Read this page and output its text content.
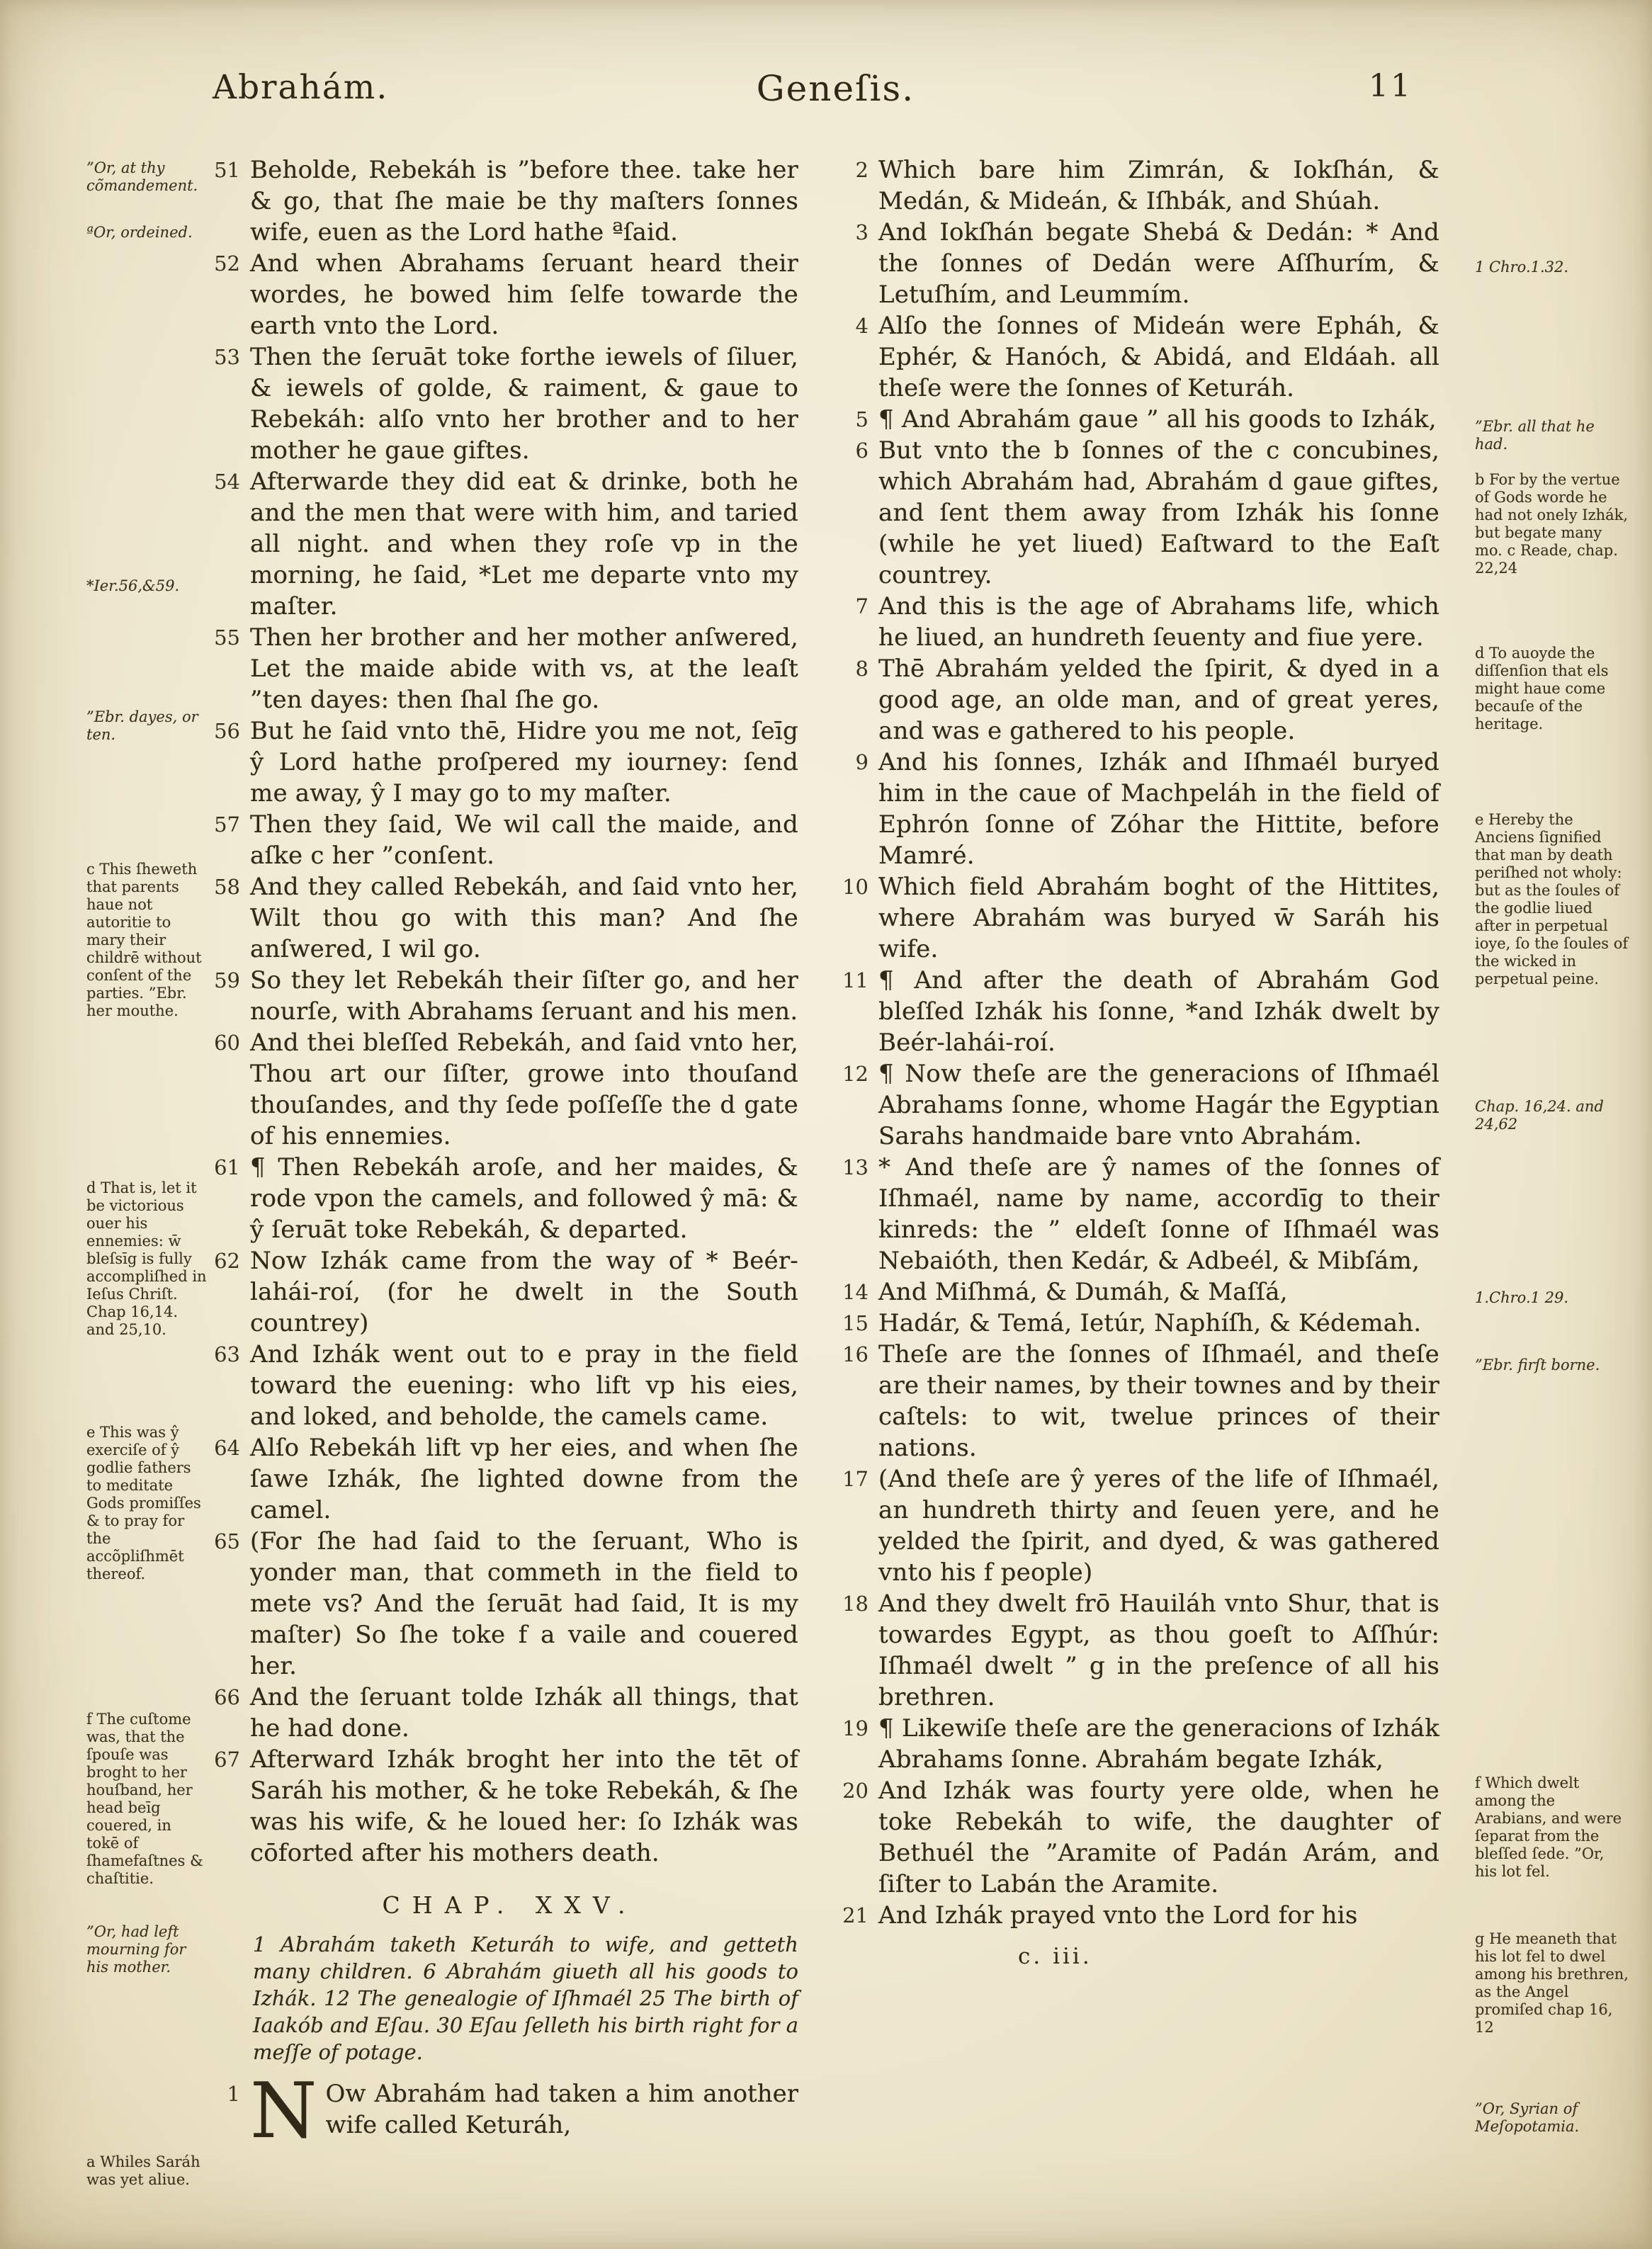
Abrahám.	Geneſis.	11
”Or, at thy cõmandement.
ªOr, ordeined.
*Ier.56,&59.
”Ebr. dayes, or ten.
c This ſheweth that parents haue not autoritie to mary their childrē without conſent of the parties. ”Ebr. her mouthe.
d That is, let it be victorious ouer his ennemies: w̄ bleſsīg is fully accompliſhed in Ieſus Chriſt. Chap 16,14. and 25,10.
e This was ŷ exerciſe of ŷ godlie fathers to meditate Gods promiſſes & to pray for the accõpliſhmēt thereof.
f The cuſtome was, that the ſpouſe was broght to her houſband, her head beīg couered, in tokē of ſhamefaſtnes & chaſtitie.
”Or, had left mourning for his mother.
a Whiles Saráh was yet aliue.
51 Beholde, Rebekáh is ”before thee. take her & go, that ſhe maie be thy maſters ſonnes wife, euen as the Lord hathe ªſaid.
52 And when Abrahams ſeruant heard their wordes, he bowed him ſelfe towarde the earth vnto the Lord.
53 Then the ſeruāt toke forthe iewels of ſiluer, & iewels of golde, & raiment, & gaue to Rebekáh: alſo vnto her brother and to her mother he gaue giftes.
54 Afterwarde they did eat & drinke, both he and the men that were with him, and taried all night. and when they roſe vp in the morning, he ſaid, *Let me departe vnto my maſter.
55 Then her brother and her mother anſwered, Let the maide abide with vs, at the leaſt ”ten dayes: then ſhal ſhe go.
56 But he ſaid vnto thē, Hidre you me not, ſeīg ŷ Lord hathe proſpered my iourney: ſend me away, ŷ I may go to my maſter.
57 Then they ſaid, We wil call the maide, and aſke c her ”conſent.
58 And they called Rebekáh, and ſaid vnto her, Wilt thou go with this man? And ſhe anſwered, I wil go.
59 So they let Rebekáh their ſiſter go, and her nourſe, with Abrahams ſeruant and his men.
60 And thei bleſſed Rebekáh, and ſaid vnto her, Thou art our ſiſter, growe into thouſand thouſandes, and thy ſede poſſeſſe the d gate of his ennemies.
61 ¶ Then Rebekáh aroſe, and her maides, & rode vpon the camels, and followed ŷ mā: & ŷ ſeruāt toke Rebekáh, & departed.
62 Now Izhák came from the way of * Beér-lahái-roí, (for he dwelt in the South countrey)
63 And Izhák went out to e pray in the field toward the euening: who lift vp his eies, and loked, and beholde, the camels came.
64 Alſo Rebekáh lift vp her eies, and when ſhe ſawe Izhák, ſhe lighted downe from the camel.
65 (For ſhe had ſaid to the ſeruant, Who is yonder man, that commeth in the field to mete vs? And the ſeruāt had ſaid, It is my maſter) So ſhe toke f a vaile and couered her.
66 And the ſeruant tolde Izhák all things, that he had done.
67 Afterward Izhák broght her into the tēt of Saráh his mother, & he toke Rebekáh, & ſhe was his wife, & he loued her: ſo Izhák was cōforted after his mothers death.
CHAP. XXV.

1 Abrahám taketh Keturáh to wife, and getteth many children. 6 Abrahám giueth all his goods to Izhák. 12 The genealogie of Iſhmaél 25 The birth of Iaakób and Eſau. 30 Eſau ſelleth his birth right for a meſſe of potage.

1 N Ow Abrahám had taken a him another wife called Keturáh,
2 Which bare him Zimrán, & Iokſhán, & Medán, & Mideán, & Iſhbák, and Shúah.
3 And Iokſhán begate Shebá & Dedán: * And the ſonnes of Dedán were Aſſhurím, & Letuſhím, and Leummím.
4 Alſo the ſonnes of Mideán were Epháh, & Ephér, & Hanóch, & Abidá, and Eldáah. all theſe were the ſonnes of Keturáh.
5 ¶ And Abrahám gaue ” all his goods to Izhák,
6 But vnto the b ſonnes of the c concubines, which Abrahám had, Abrahám d gaue giftes, and ſent them away from Izhák his ſonne (while he yet liued) Eaſtward to the Eaſt countrey.
7 And this is the age of Abrahams life, which he liued, an hundreth ſeuenty and fiue yere.
8 Thē Abrahám yelded the ſpirit, & dyed in a good age, an olde man, and of great yeres, and was e gathered to his people.
9 And his ſonnes, Izhák and Iſhmaél buryed him in the caue of Machpeláh in the field of Ephrón ſonne of Zóhar the Hittite, before Mamré.
10 Which field Abrahám boght of the Hittites, where Abrahám was buryed w̄ Saráh his wife.
11 ¶ And after the death of Abrahám God bleſſed Izhák his ſonne, *and Izhák dwelt by Beér-lahái-roí.
12 ¶ Now theſe are the generacions of Iſhmaél Abrahams ſonne, whome Hagár the Egyptian Sarahs handmaide bare vnto Abrahám.
13 * And theſe are ŷ names of the ſonnes of Iſhmaél, name by name, accordīg to their kinreds: the ” eldeſt ſonne of Iſhmaél was Nebaióth, then Kedár, & Adbeél, & Mibſám,
14 And Miſhmá, & Dumáh, & Maſſá,
15 Hadár, & Temá, Ietúr, Naphíſh, & Kédemah.
16 Theſe are the ſonnes of Iſhmaél, and theſe are their names, by their townes and by their caſtels: to wit, twelue princes of their nations.
17 (And theſe are ŷ yeres of the life of Iſhmaél, an hundreth thirty and ſeuen yere, and he yelded the ſpirit, and dyed, & was gathered vnto his f people)
18 And they dwelt frō Hauiláh vnto Shur, that is towardes Egypt, as thou goeſt to Aſſhúr: Iſhmaél dwelt ” g in the preſence of all his brethren.
19 ¶ Likewiſe theſe are the generacions of Izhák Abrahams ſonne. Abrahám begate Izhák,
20 And Izhák was fourty yere olde, when he toke Rebekáh to wife, the daughter of Bethuél the ”Aramite of Padán Arám, and ſiſter to Labán the Aramite.
21 And Izhák prayed vnto the Lord for his
c. iii.
1 Chro.1.32.
”Ebr. all that he had.
b For by the vertue of Gods worde he had not onely Izhák, but begate many mo. c Reade, chap. 22,24
d To auoyde the diſſenſion that els might haue come becauſe of the heritage.
e Hereby the Anciens ſignified that man by death periſhed not wholy: but as the ſoules of the godlie liued after in perpetual ioye, ſo the ſoules of the wicked in perpetual peine.
Chap. 16,24. and 24,62
1.Chro.1 29.
”Ebr. firſt borne.
f Which dwelt among the Arabians, and were ſeparat from the bleſſed ſede. ”Or, his lot fel.
g He meaneth that his lot fel to dwel among his brethren, as the Angel promiſed chap 16, 12
”Or, Syrian of Meſopotamia.
